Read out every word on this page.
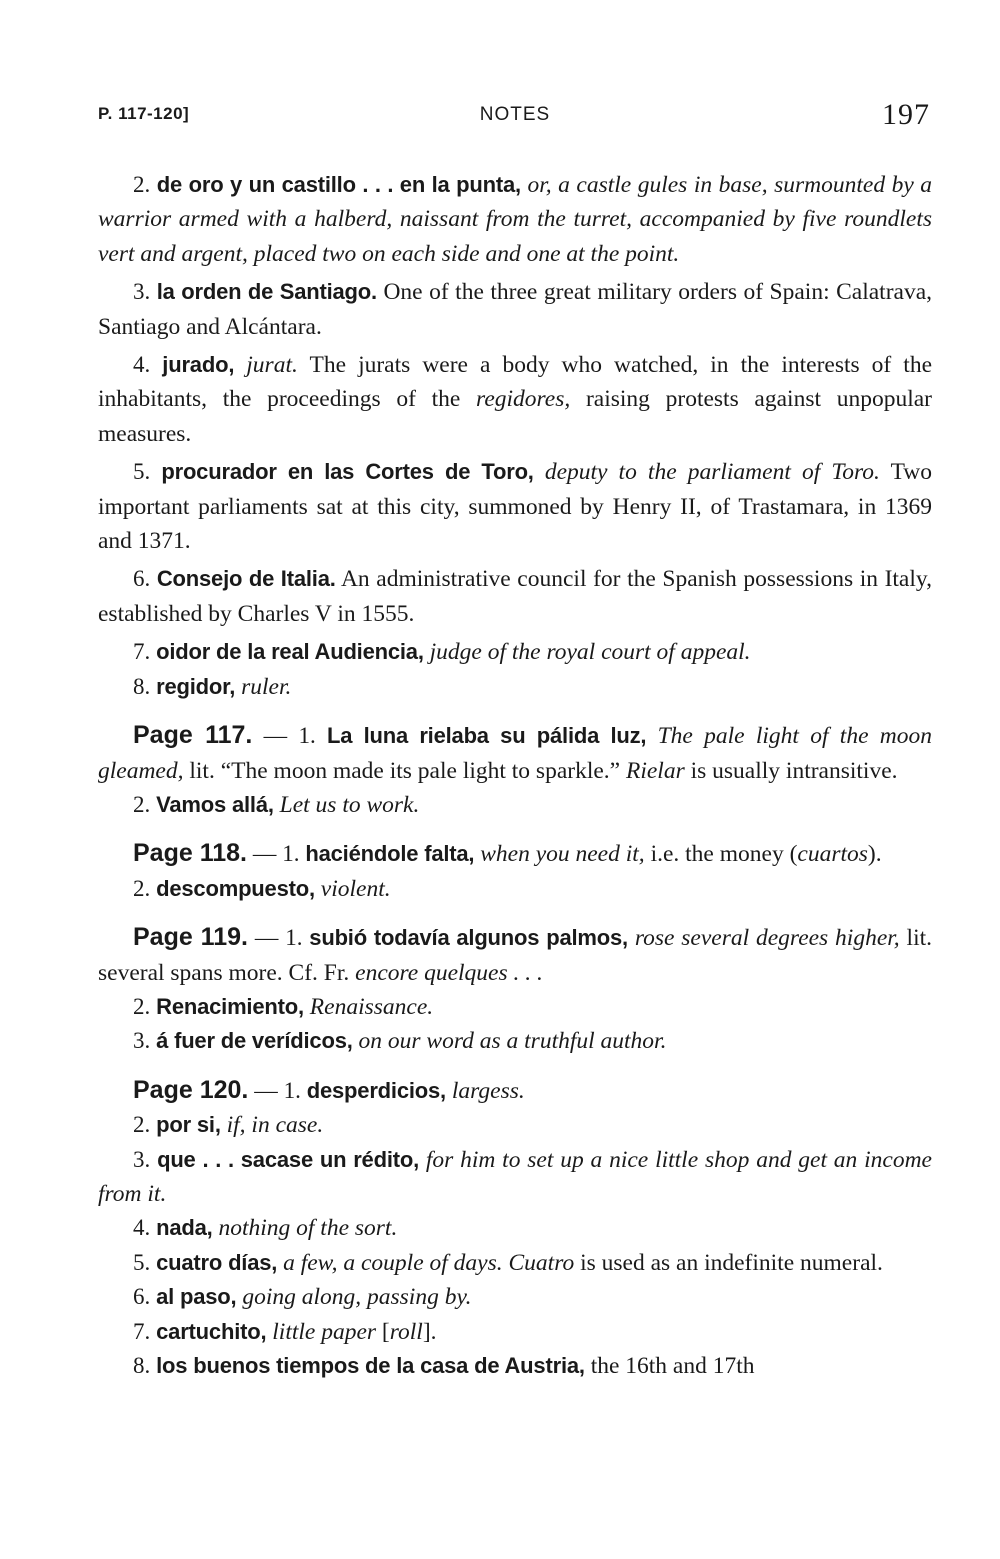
P. 117-120]	NOTES	197

2. de oro y un castillo . . . en la punta, or, a castle gules in base, surmounted by a warrior armed with a halberd, naissant from the turret, accompanied by five roundlets vert and argent, placed two on each side and one at the point.

3. la orden de Santiago. One of the three great military orders of Spain: Calatrava, Santiago and Alcántara.

4. jurado, jurat. The jurats were a body who watched, in the interests of the inhabitants, the proceedings of the regidores, raising protests against unpopular measures.

5. procurador en las Cortes de Toro, deputy to the parliament of Toro. Two important parliaments sat at this city, summoned by Henry II, of Trastamara, in 1369 and 1371.

6. Consejo de Italia. An administrative council for the Spanish possessions in Italy, established by Charles V in 1555.

7. oidor de la real Audiencia, judge of the royal court of appeal.

8. regidor, ruler.

Page 117. — 1. La luna rielaba su pálida luz, The pale light of the moon gleamed, lit. “The moon made its pale light to sparkle.” Rielar is usually intransitive.

2. Vamos allá, Let us to work.

Page 118. — 1. haciéndole falta, when you need it, i.e. the money (cuartos).

2. descompuesto, violent.

Page 119. — 1. subió todavía algunos palmos, rose several degrees higher, lit. several spans more. Cf. Fr. encore quelques . . .

2. Renacimiento, Renaissance.

3. á fuer de verídicos, on our word as a truthful author.

Page 120. — 1. desperdicios, largess.

2. por si, if, in case.

3. que . . . sacase un rédito, for him to set up a nice little shop and get an income from it.

4. nada, nothing of the sort.

5. cuatro días, a few, a couple of days. Cuatro is used as an indefinite numeral.

6. al paso, going along, passing by.

7. cartuchito, little paper [roll].

8. los buenos tiempos de la casa de Austria, the 16th and 17th
